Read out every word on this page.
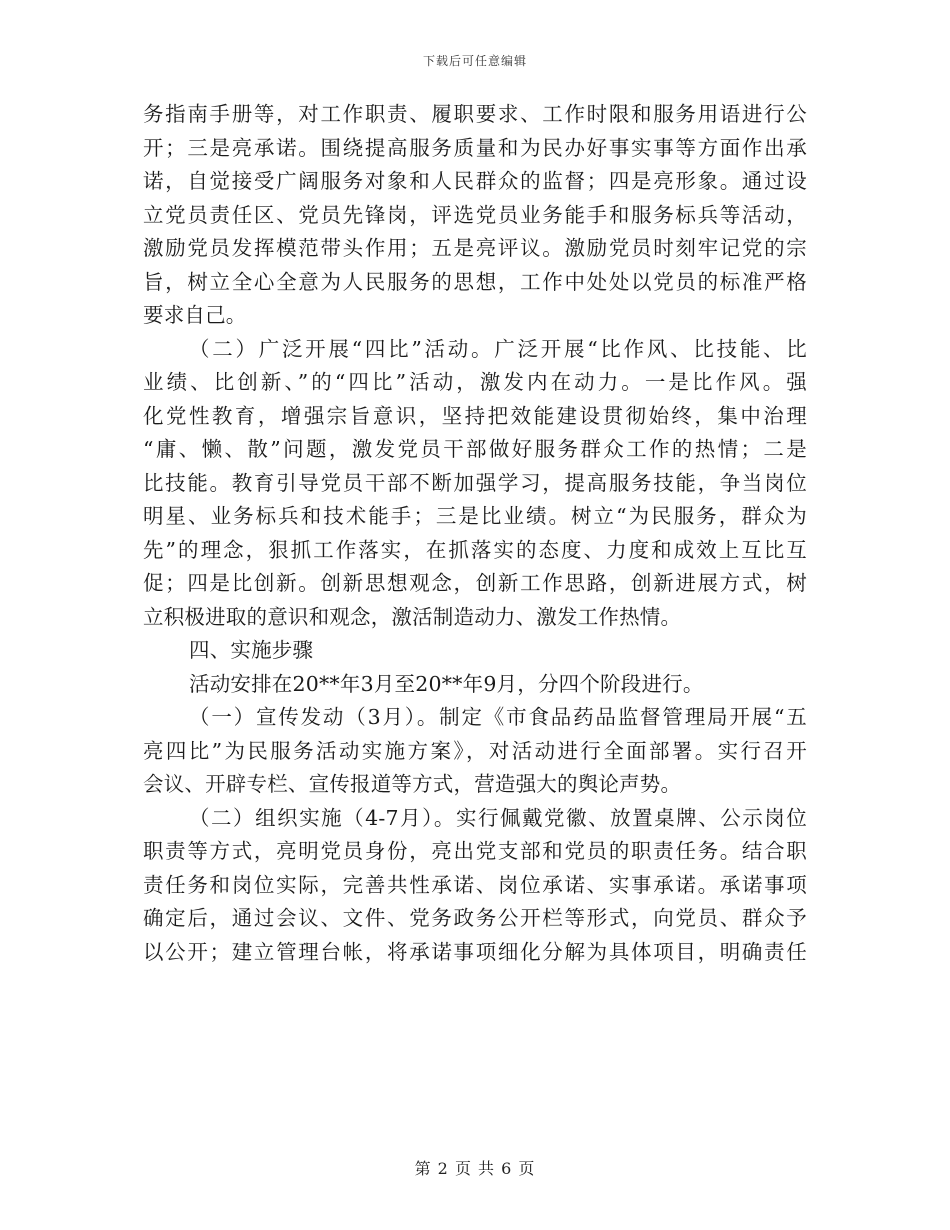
下载后可任意编辑
务指南手册等，对工作职责、履职要求、工作时限和服务用语进行公
开；三是亮承诺。围绕提高服务质量和为民办好事实事等方面作出承
诺，自觉接受广阔服务对象和人民群众的监督；四是亮形象。通过设
立党员责任区、党员先锋岗，评选党员业务能手和服务标兵等活动，
激励党员发挥模范带头作用；五是亮评议。激励党员时刻牢记党的宗
旨，树立全心全意为人民服务的思想，工作中处处以党员的标准严格
要求自己。
（二）广泛开展“四比”活动。广泛开展“比作风、比技能、比
业绩、比创新、”的“四比”活动，激发内在动力。一是比作风。强
化党性教育，增强宗旨意识，坚持把效能建设贯彻始终，集中治理
“庸、懒、散”问题，激发党员干部做好服务群众工作的热情；二是
比技能。教育引导党员干部不断加强学习，提高服务技能，争当岗位
明星、业务标兵和技术能手；三是比业绩。树立“为民服务，群众为
先”的理念，狠抓工作落实，在抓落实的态度、力度和成效上互比互
促；四是比创新。创新思想观念，创新工作思路，创新进展方式，树
立积极进取的意识和观念，激活制造动力、激发工作热情。
四、实施步骤
活动安排在20**年3月至20**年9月，分四个阶段进行。
（一）宣传发动（3月）。制定《市食品药品监督管理局开展“五
亮四比”为民服务活动实施方案》，对活动进行全面部署。实行召开
会议、开辟专栏、宣传报道等方式，营造强大的舆论声势。
（二）组织实施（4-7月）。实行佩戴党徽、放置桌牌、公示岗位
职责等方式，亮明党员身份，亮出党支部和党员的职责任务。结合职
责任务和岗位实际，完善共性承诺、岗位承诺、实事承诺。承诺事项
确定后，通过会议、文件、党务政务公开栏等形式，向党员、群众予
以公开；建立管理台帐，将承诺事项细化分解为具体项目，明确责任
第 2 页 共 6 页
